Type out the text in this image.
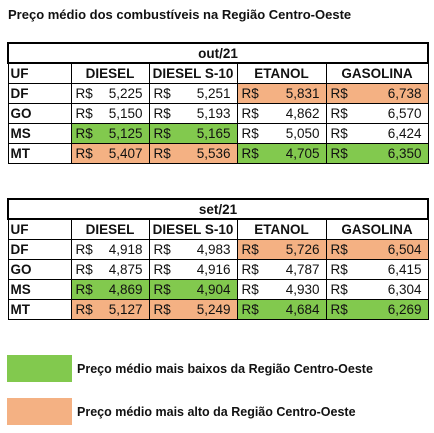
Preço médio dos combustíveis na Região Centro-Oeste
out/21				
UF	DIESEL	DIESEL S-10	ETANOL	GASOLINA
DF	R$ 5,225	R$ 5,251	R$ 5,831	R$ 6,738

GO	R$ 5,150	R$ 5,193	R$ 4,862	R$ 6,570

MS	R$ 5,125	R$ 5,165	R$ 5,050	R$ 6,424

MT	R$ 5,407	R$ 5,536	R$ 4,705	R$ 6,350
set/21				
UF	DIESEL	DIESEL S-10	ETANOL	GASOLINA
DF	R$ 4,918	R$ 4,983	R$ 5,726	R$ 6,504

GO	R$ 4,875	R$ 4,916	R$ 4,787	R$ 6,415

MS	R$ 4,869	R$ 4,904	R$ 4,930	R$ 6,304

MT	R$ 5,127	R$ 5,249	R$ 4,684	R$ 6,269
Preço médio mais baixos da Região Centro-Oeste
Preço médio mais alto da Região Centro-Oeste
